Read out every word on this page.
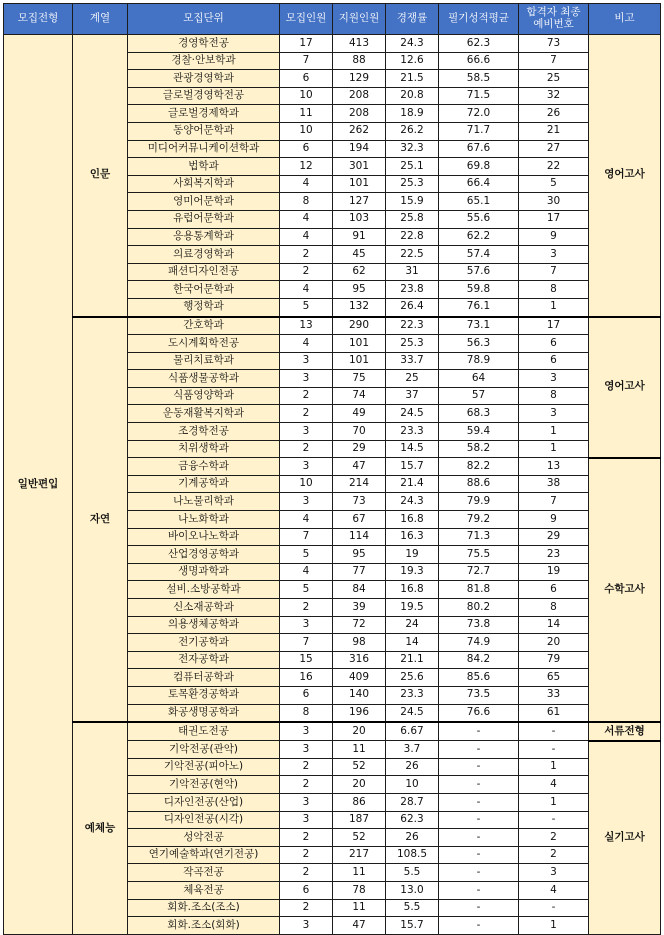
모집전형	계열	모집단위	모집인원	지원인원	경쟁률	필기성적평균	합격자 최종
예비번호	비고
일반편입	인문	경영학전공	17	413	24.3	62.3	73	영어고사
		경찰·안보학과	7	88	12.6	66.6	7	
		관광경영학과	6	129	21.5	58.5	25	
		글로벌경영학전공	10	208	20.8	71.5	32	
		글로벌경제학과	11	208	18.9	72.0	26	
		동양어문학과	10	262	26.2	71.7	21	
		미디어커뮤니케이션학과	6	194	32.3	67.6	27	
		법학과	12	301	25.1	69.8	22	
		사회복지학과	4	101	25.3	66.4	5	
		영미어문학과	8	127	15.9	65.1	30	
		유럽어문학과	4	103	25.8	55.6	17	
		응용통계학과	4	91	22.8	62.2	9	
		의료경영학과	2	45	22.5	57.4	3	
		패션디자인전공	2	62	31	57.6	7	
		한국어문학과	4	95	23.8	59.8	8	
		행정학과	5	132	26.4	76.1	1	
	자연	간호학과	13	290	22.3	73.1	17	영어고사
		도시계획학전공	4	101	25.3	56.3	6	
		물리치료학과	3	101	33.7	78.9	6	
		식품생물공학과	3	75	25	64	3	
		식품영양학과	2	74	37	57	8	
		운동재활복지학과	2	49	24.5	68.3	3	
		조경학전공	3	70	23.3	59.4	1	
		치위생학과	2	29	14.5	58.2	1	
		금융수학과	3	47	15.7	82.2	13	수학고사
		기계공학과	10	214	21.4	88.6	38	
		나노물리학과	3	73	24.3	79.9	7	
		나노화학과	4	67	16.8	79.2	9	
		바이오나노학과	7	114	16.3	71.3	29	
		산업경영공학과	5	95	19	75.5	23	
		생명과학과	4	77	19.3	72.7	19	
		설비.소방공학과	5	84	16.8	81.8	6	
		신소재공학과	2	39	19.5	80.2	8	
		의용생체공학과	3	72	24	73.8	14	
		전기공학과	7	98	14	74.9	20	
		전자공학과	15	316	21.1	84.2	79	
		컴퓨터공학과	16	409	25.6	85.6	65	
		토목환경공학과	6	140	23.3	73.5	33	
		화공생명공학과	8	196	24.5	76.6	61	
	예체능	태권도전공	3	20	6.67	-	-	서류전형
		기악전공(관악)	3	11	3.7	-	-	실기고사
		기악전공(피아노)	2	52	26	-	1	
		기악전공(현악)	2	20	10	-	4	
		디자인전공(산업)	3	86	28.7	-	1	
		디자인전공(시각)	3	187	62.3	-	-	
		성악전공	2	52	26	-	2	
		연기예술학과(연기전공)	2	217	108.5	-	2	
		작곡전공	2	11	5.5	-	3	
		체육전공	6	78	13.0	-	4	
		회화.조소(조소)	2	11	5.5	-	-	
		회화.조소(회화)	3	47	15.7	-	1	
